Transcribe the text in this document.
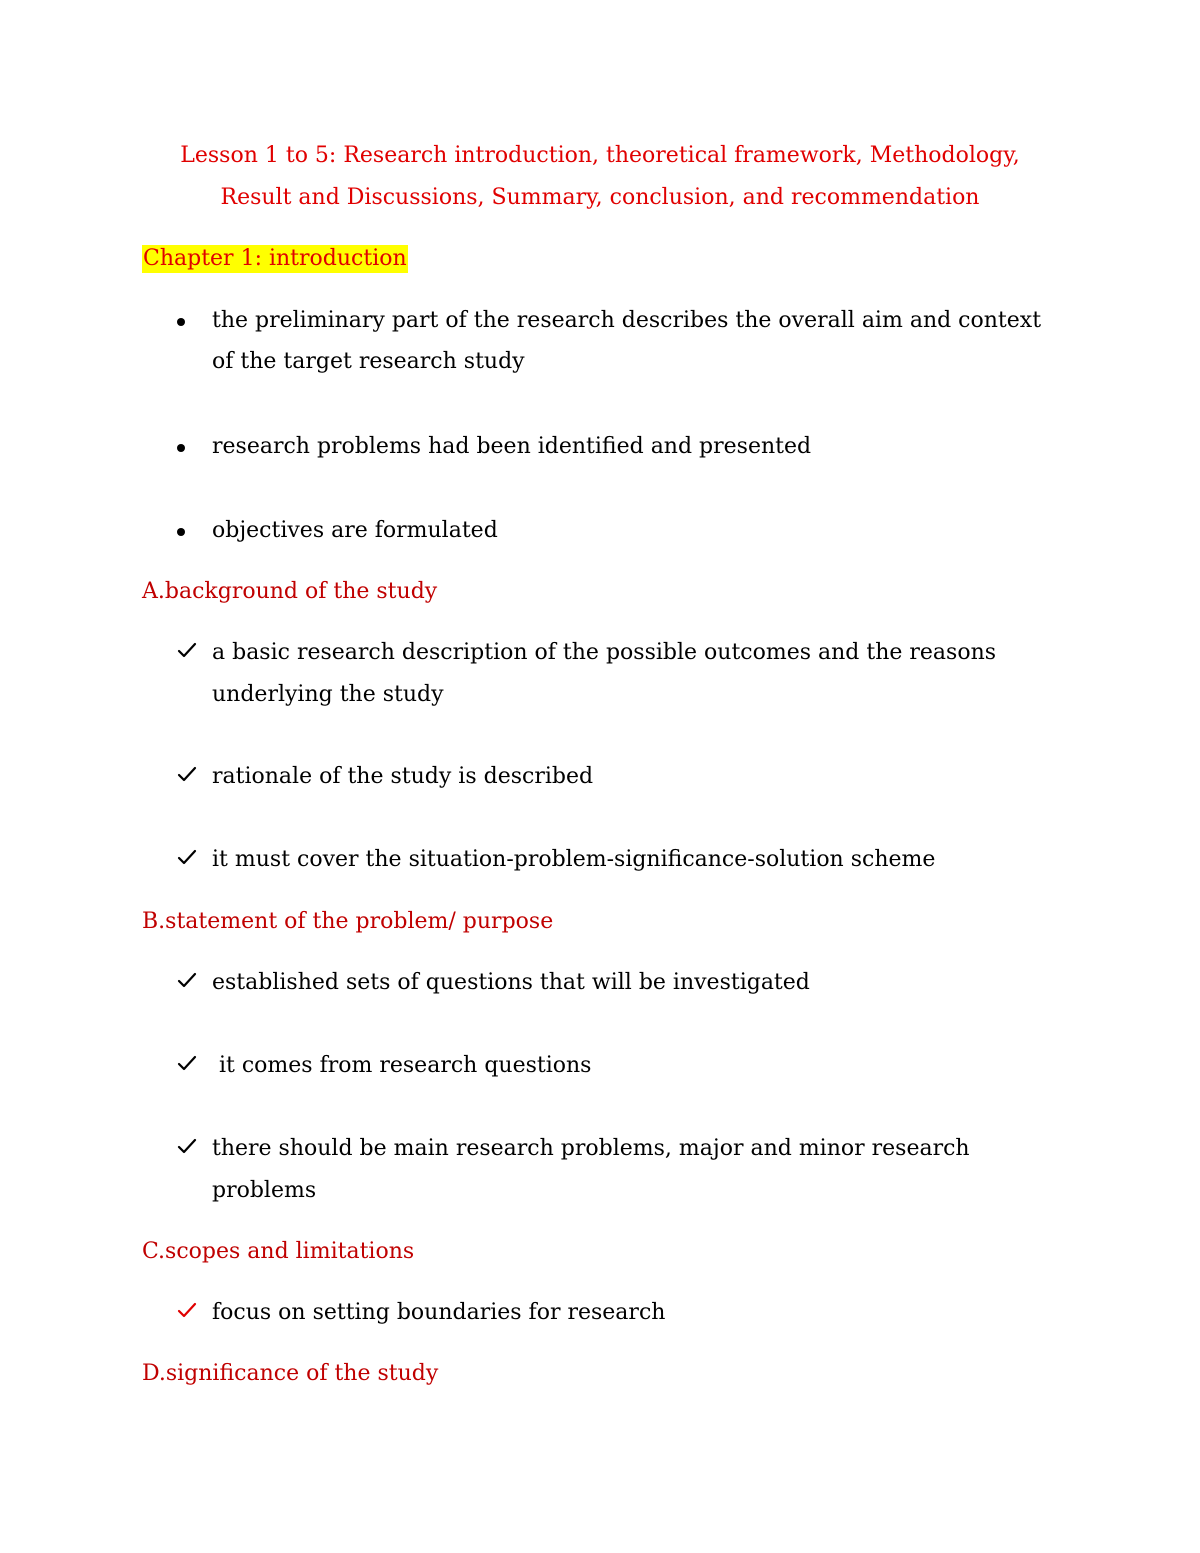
Lesson 1 to 5: Research introduction, theoretical framework, Methodology,

Result and Discussions, Summary, conclusion, and recommendation

Chapter 1: introduction

the preliminary part of the research describes the overall aim and context

of the target research study

research problems had been identified and presented

objectives are formulated

A.background of the study

a basic research description of the possible outcomes and the reasons

underlying the study

rationale of the study is described

it must cover the situation-problem-significance-solution scheme

B.statement of the problem/ purpose

established sets of questions that will be investigated

it comes from research questions

there should be main research problems, major and minor research

problems

C.scopes and limitations

focus on setting boundaries for research

D.significance of the study
